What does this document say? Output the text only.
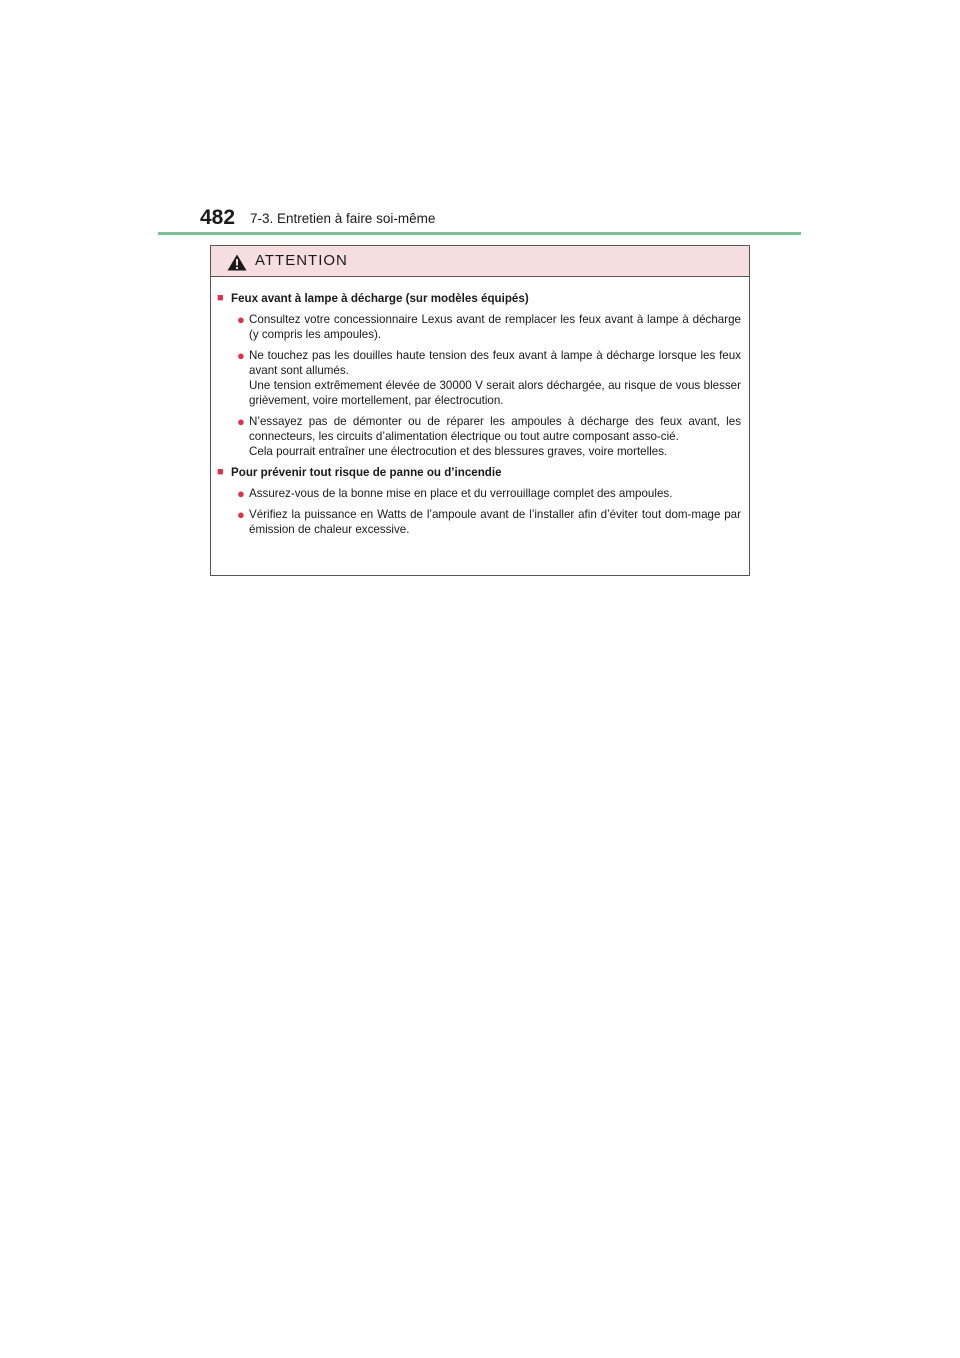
482 7-3. Entretien à faire soi-même
ATTENTION
■ Feux avant à lampe à décharge (sur modèles équipés)
● Consultez votre concessionnaire Lexus avant de remplacer les feux avant à lampe à décharge (y compris les ampoules).

● Ne touchez pas les douilles haute tension des feux avant à lampe à décharge lorsque les feux avant sont allumés.

Une tension extrêmement élevée de 30000 V serait alors déchargée, au risque de vous blesser grièvement, voire mortellement, par électrocution.

● N’essayez pas de démonter ou de réparer les ampoules à décharge des feux avant, les connecteurs, les circuits d’alimentation électrique ou tout autre composant asso-cié.

Cela pourrait entraîner une électrocution et des blessures graves, voire mortelles.

■ Pour prévenir tout risque de panne ou d’incendie
● Assurez-vous de la bonne mise en place et du verrouillage complet des ampoules.

● Vérifiez la puissance en Watts de l’ampoule avant de l’installer afin d’éviter tout dom-mage par émission de chaleur excessive.
